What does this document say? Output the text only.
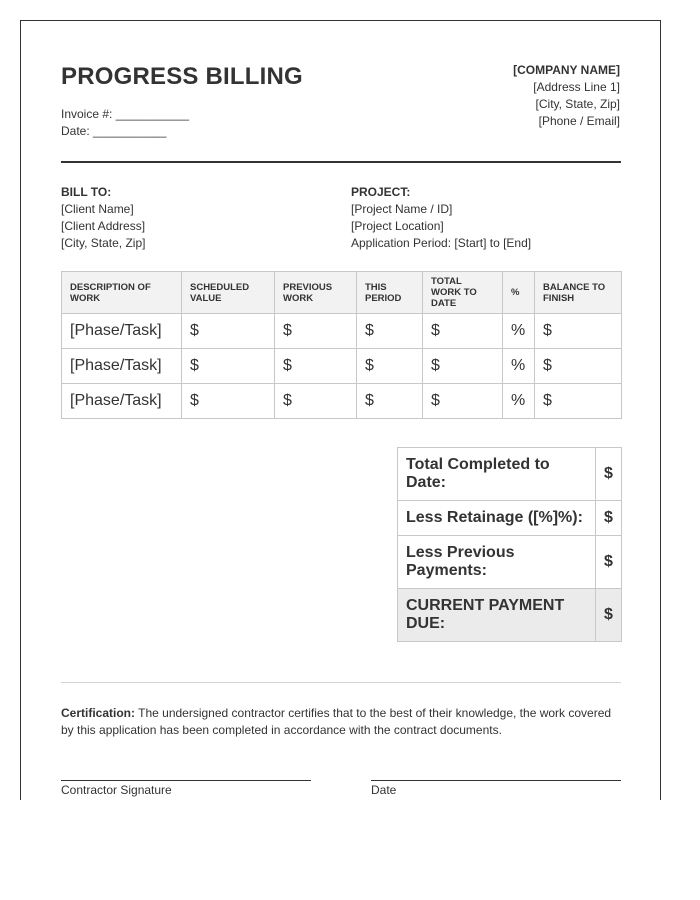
PROGRESS BILLING
Invoice #: ___________
Date: ___________
[COMPANY NAME]
[Address Line 1]
[City, State, Zip]
[Phone / Email]
BILL TO:
[Client Name]
[Client Address]
[City, State, Zip]
PROJECT:
[Project Name / ID]
[Project Location]
Application Period: [Start] to [End]
DESCRIPTION OF WORK	SCHEDULED VALUE	PREVIOUS WORK	THIS PERIOD	TOTAL WORK TO DATE	%	BALANCE TO FINISH
[Phase/Task]	$	$	$	$	%	$
[Phase/Task]	$	$	$	$	%	$
[Phase/Task]	$	$	$	$	%	$
Total Completed to Date:	$
Less Retainage ([%]%):	$
Less Previous Payments:	$
CURRENT PAYMENT DUE:	$
Certification: The undersigned contractor certifies that to the best of their knowledge, the work covered by this application has been completed in accordance with the contract documents.
Contractor Signature	Date
